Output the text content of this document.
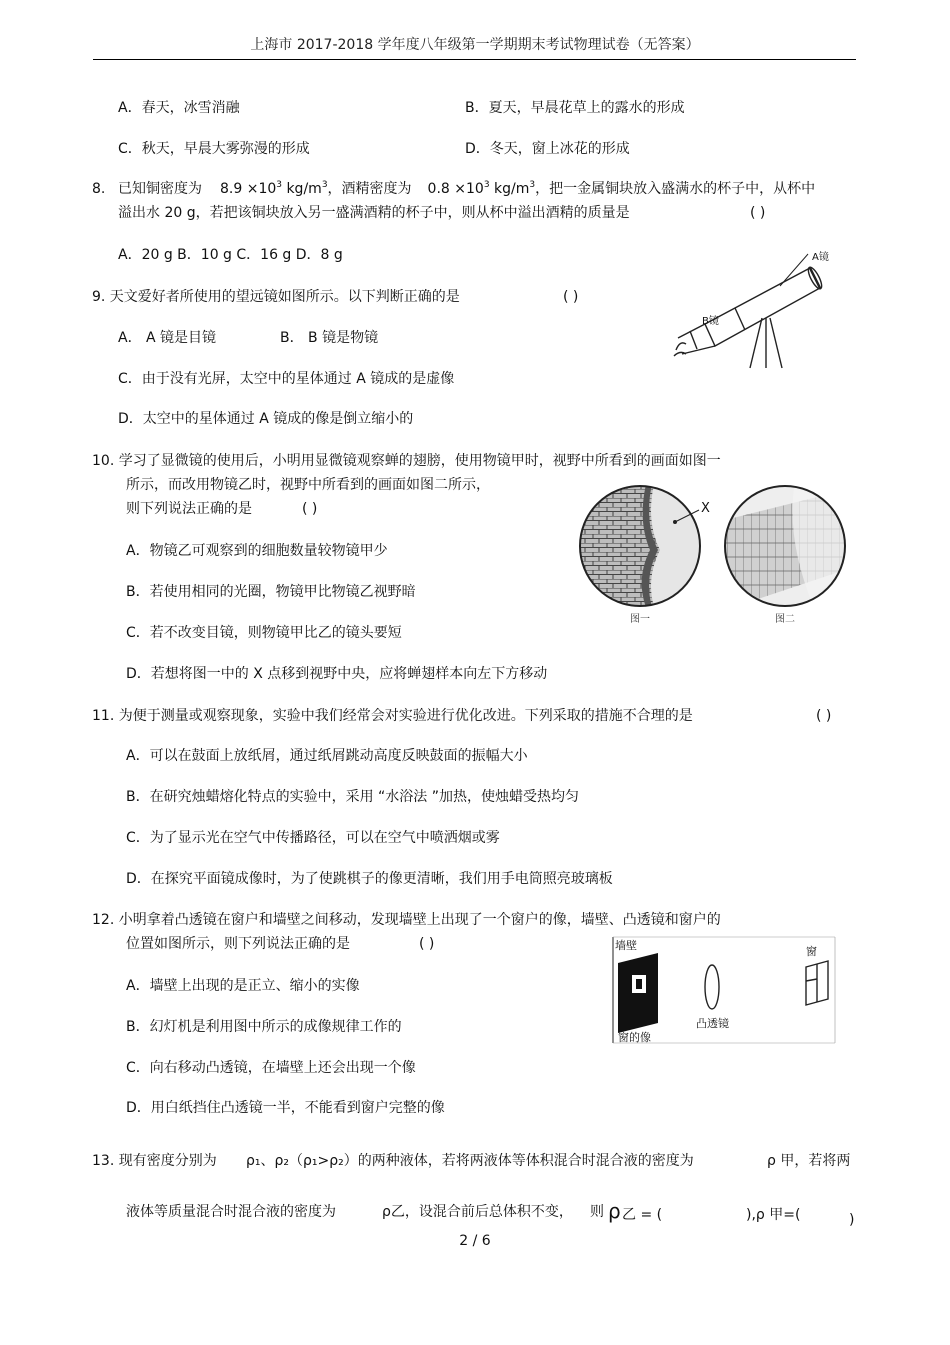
上海市 2017-2018 学年度八年级第一学期期末考试物理试卷（无答案）
A．春天，冰雪消融	B．夏天，早晨花草上的露水的形成
C．秋天，早晨大雾弥漫的形成	D．冬天，窗上冰花的形成
8. 已知铜密度为 $8.9 \times 10^3$ $kg/m^3$，酒精密度为 $0.8 \times 10^3$ $kg/m^3$，把一金属铜块放入盛满水的杯子中，从杯中
溢出水 20 g，若把该铜块放入另一盛满酒精的杯子中，则从杯中溢出酒精的质量是	( )
A．20 g B．10 g C．16 g D．8 g
9. 天文爱好者所使用的望远镜如图所示。以下判断正确的是	( )
A． A 镜是目镜	B． B 镜是物镜
C．由于没有光屏，太空中的星体通过 A 镜成的是虚像
D．太空中的星体通过 A 镜成的像是倒立缩小的
A镜
B镜
10. 学习了显微镜的使用后，小明用显微镜观察蝉的翅膀，使用物镜甲时，视野中所看到的画面如图一
所示，而改用物镜乙时，视野中所看到的画面如图二所示，
则下列说法正确的是	( )
A．物镜乙可观察到的细胞数量较物镜甲少
B．若使用相同的光圈，物镜甲比物镜乙视野暗
C．若不改变目镜，则物镜甲比乙的镜头要短
D．若想将图一中的 X 点移到视野中央，应将蝉翅样本向左下方移动
X
图一	图二
11. 为便于测量或观察现象，实验中我们经常会对实验进行优化改进。下列采取的措施不合理的是	( )
A．可以在鼓面上放纸屑，通过纸屑跳动高度反映鼓面的振幅大小
B．在研究烛蜡熔化特点的实验中，采用 “水浴法 ”加热，使烛蜡受热均匀
C．为了显示光在空气中传播路径，可以在空气中喷洒烟或雾
D．在探究平面镜成像时，为了使跳棋子的像更清晰，我们用手电筒照亮玻璃板
12. 小明拿着凸透镜在窗户和墙壁之间移动，发现墙壁上出现了一个窗户的像，墙壁、凸透镜和窗户的
位置如图所示，则下列说法正确的是	( )
A．墙壁上出现的是正立、缩小的实像
B．幻灯机是利用图中所示的成像规律工作的
C．向右移动凸透镜，在墙壁上还会出现一个像
D．用白纸挡住凸透镜一半，不能看到窗户完整的像
墙壁
凸透镜
窗的像
窗
13. 现有密度分别为 ρ₁、ρ₂（ρ₁>ρ₂）的两种液体，若将两液体等体积混合时混合液的密度为	ρ 甲，若将两
液体等质量混合时混合液的密度为	ρ乙，设混合前后总体积不变， 则 ρ 乙 = (	),ρ 甲=(	)
2 / 6
